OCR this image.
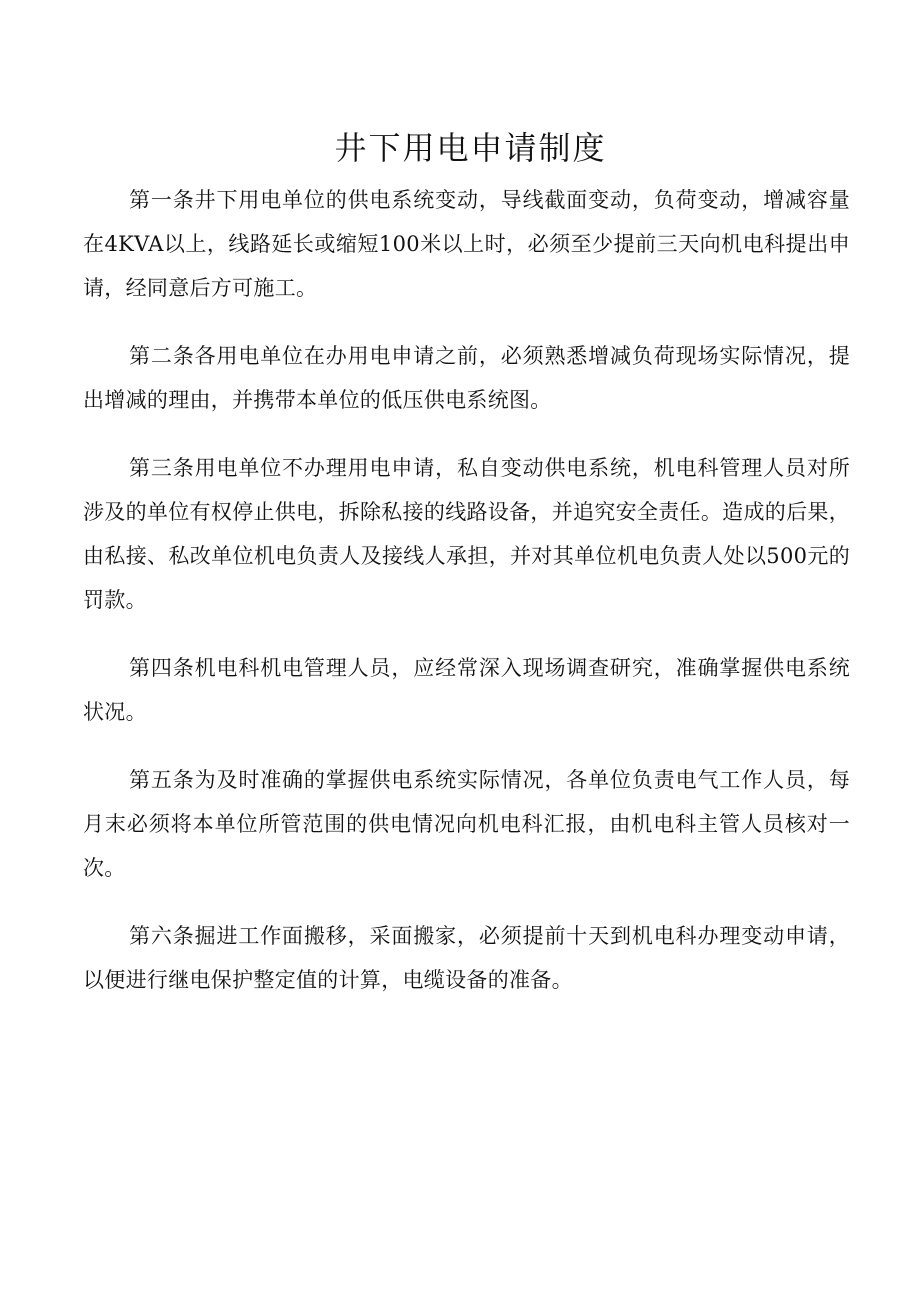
井下用电申请制度

第一条井下用电单位的供电系统变动，导线截面变动，负荷变动，增减容量在4KVA以上，线路延长或缩短100米以上时，必须至少提前三天向机电科提出申请，经同意后方可施工。

第二条各用电单位在办用电申请之前，必须熟悉增减负荷现场实际情况，提出增减的理由，并携带本单位的低压供电系统图。

第三条用电单位不办理用电申请，私自变动供电系统，机电科管理人员对所涉及的单位有权停止供电，拆除私接的线路设备，并追究安全责任。造成的后果，由私接、私改单位机电负责人及接线人承担，并对其单位机电负责人处以500元的罚款。

第四条机电科机电管理人员，应经常深入现场调查研究，准确掌握供电系统状况。

第五条为及时准确的掌握供电系统实际情况，各单位负责电气工作人员，每月末必须将本单位所管范围的供电情况向机电科汇报，由机电科主管人员核对一次。

第六条掘进工作面搬移，采面搬家，必须提前十天到机电科办理变动申请，以便进行继电保护整定值的计算，电缆设备的准备。
